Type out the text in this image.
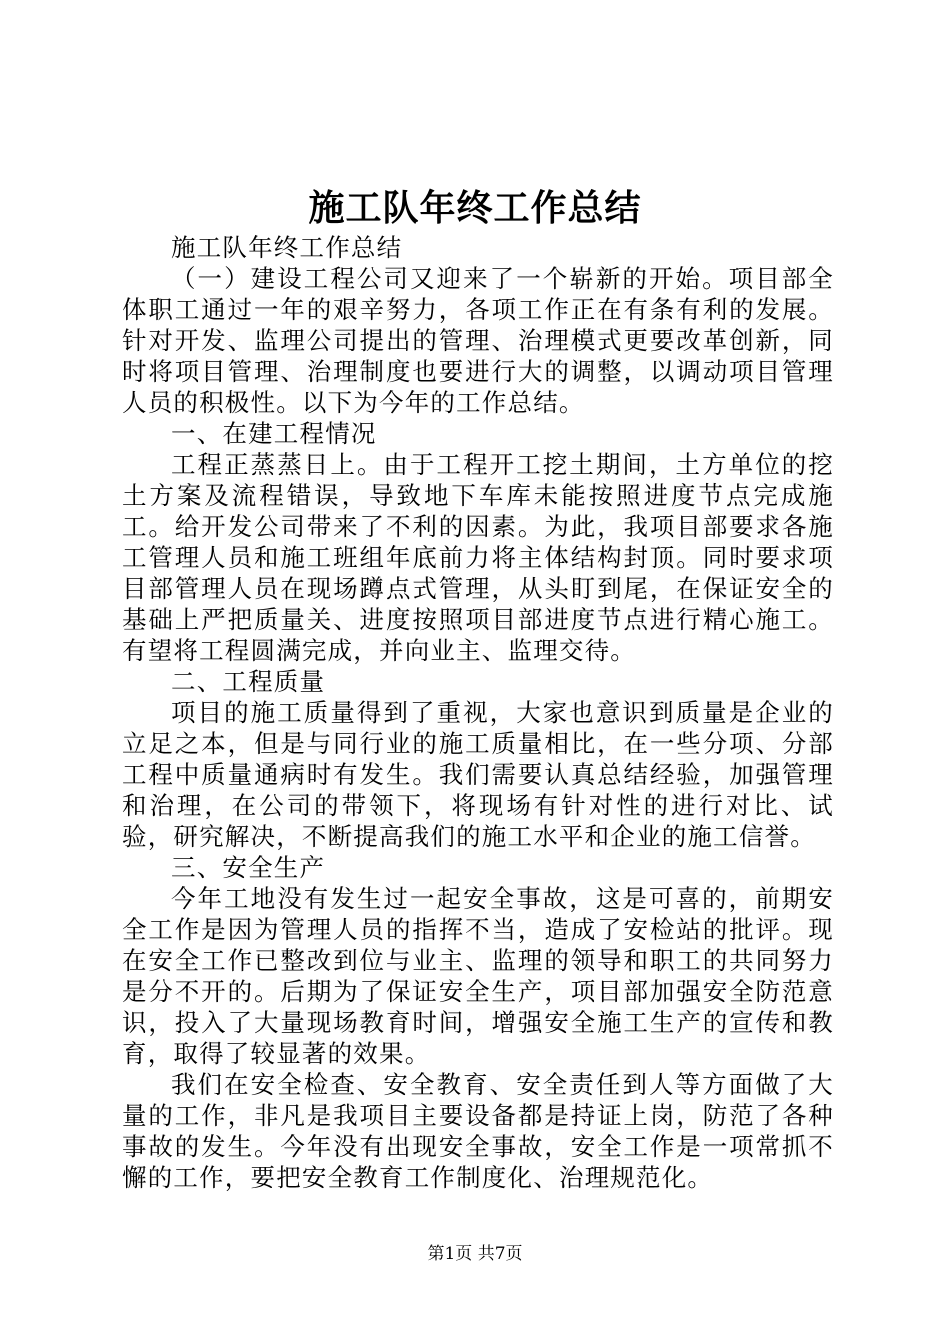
施工队年终工作总结

施工队年终工作总结

（一）建设工程公司又迎来了一个崭新的开始。项目部全体职工通过一年的艰辛努力，各项工作正在有条有利的发展。针对开发、监理公司提出的管理、治理模式更要改革创新，同时将项目管理、治理制度也要进行大的调整，以调动项目管理人员的积极性。以下为今年的工作总结。

一、在建工程情况

工程正蒸蒸日上。由于工程开工挖土期间，土方单位的挖土方案及流程错误，导致地下车库未能按照进度节点完成施工。给开发公司带来了不利的因素。为此，我项目部要求各施工管理人员和施工班组年底前力将主体结构封顶。同时要求项目部管理人员在现场蹲点式管理，从头盯到尾，在保证安全的基础上严把质量关、进度按照项目部进度节点进行精心施工。有望将工程圆满完成，并向业主、监理交待。

二、工程质量

项目的施工质量得到了重视，大家也意识到质量是企业的立足之本，但是与同行业的施工质量相比，在一些分项、分部工程中质量通病时有发生。我们需要认真总结经验，加强管理和治理，在公司的带领下，将现场有针对性的进行对比、试验，研究解决，不断提高我们的施工水平和企业的施工信誉。

三、安全生产

今年工地没有发生过一起安全事故，这是可喜的，前期安全工作是因为管理人员的指挥不当，造成了安检站的批评。现在安全工作已整改到位与业主、监理的领导和职工的共同努力是分不开的。后期为了保证安全生产，项目部加强安全防范意识，投入了大量现场教育时间，增强安全施工生产的宣传和教育，取得了较显著的效果。

我们在安全检查、安全教育、安全责任到人等方面做了大量的工作，非凡是我项目主要设备都是持证上岗，防范了各种事故的发生。今年没有出现安全事故，安全工作是一项常抓不懈的工作，要把安全教育工作制度化、治理规范化。

第1页 共7页
